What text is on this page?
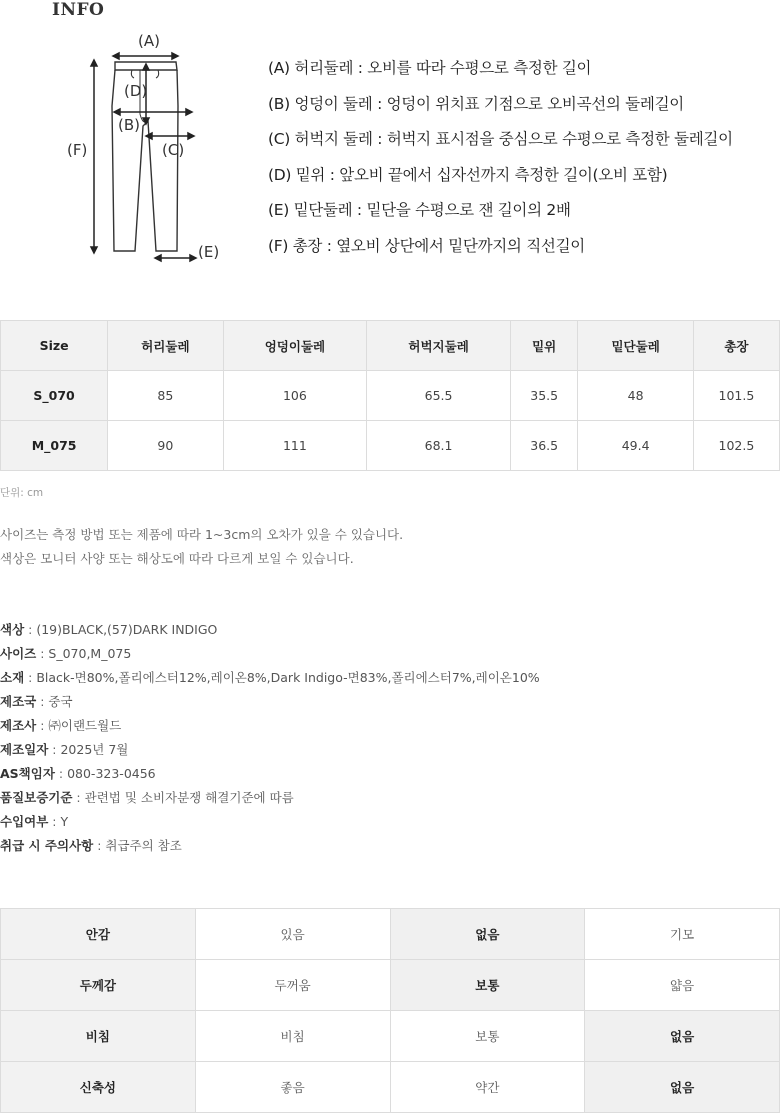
INFO
(A)
(B)
(C)
(D)
(E)
(F)
(A) 허리둘레 : 오비를 따라 수평으로 측정한 길이
(B) 엉덩이 둘레 : 엉덩이 위치표 기점으로 오비곡선의 둘레길이
(C) 허벅지 둘레 : 허벅지 표시점을 중심으로 수평으로 측정한 둘레길이
(D) 밑위 : 앞오비 끝에서 십자선까지 측정한 길이(오비 포함)
(E) 밑단둘레 : 밑단을 수평으로 잰 길이의 2배
(F) 총장 : 옆오비 상단에서 밑단까지의 직선길이
Size	허리둘레	엉덩이둘레	허벅지둘레	밑위	밑단둘레	총장
S_070	85	106	65.5	35.5	48	101.5
M_075	90	111	68.1	36.5	49.4	102.5
단위: cm
사이즈는 측정 방법 또는 제품에 따라 1~3cm의 오차가 있을 수 있습니다.
색상은 모니터 사양 또는 해상도에 따라 다르게 보일 수 있습니다.
색상 : (19)BLACK,(57)DARK INDIGO
사이즈 : S_070,M_075
소재 : Black-면80%,폴리에스터12%,레이온8%,Dark Indigo-면83%,폴리에스터7%,레이온10%
제조국 : 중국
제조사 : ㈜이랜드월드
제조일자 : 2025년 7월
AS책임자 : 080-323-0456
품질보증기준 : 관련법 및 소비자분쟁 해결기준에 따름
수입여부 : Y
취급 시 주의사항 : 취급주의 참조
안감	있음	없음	기모
두께감	두꺼움	보통	얇음
비침	비침	보통	없음
신축성	좋음	약간	없음
